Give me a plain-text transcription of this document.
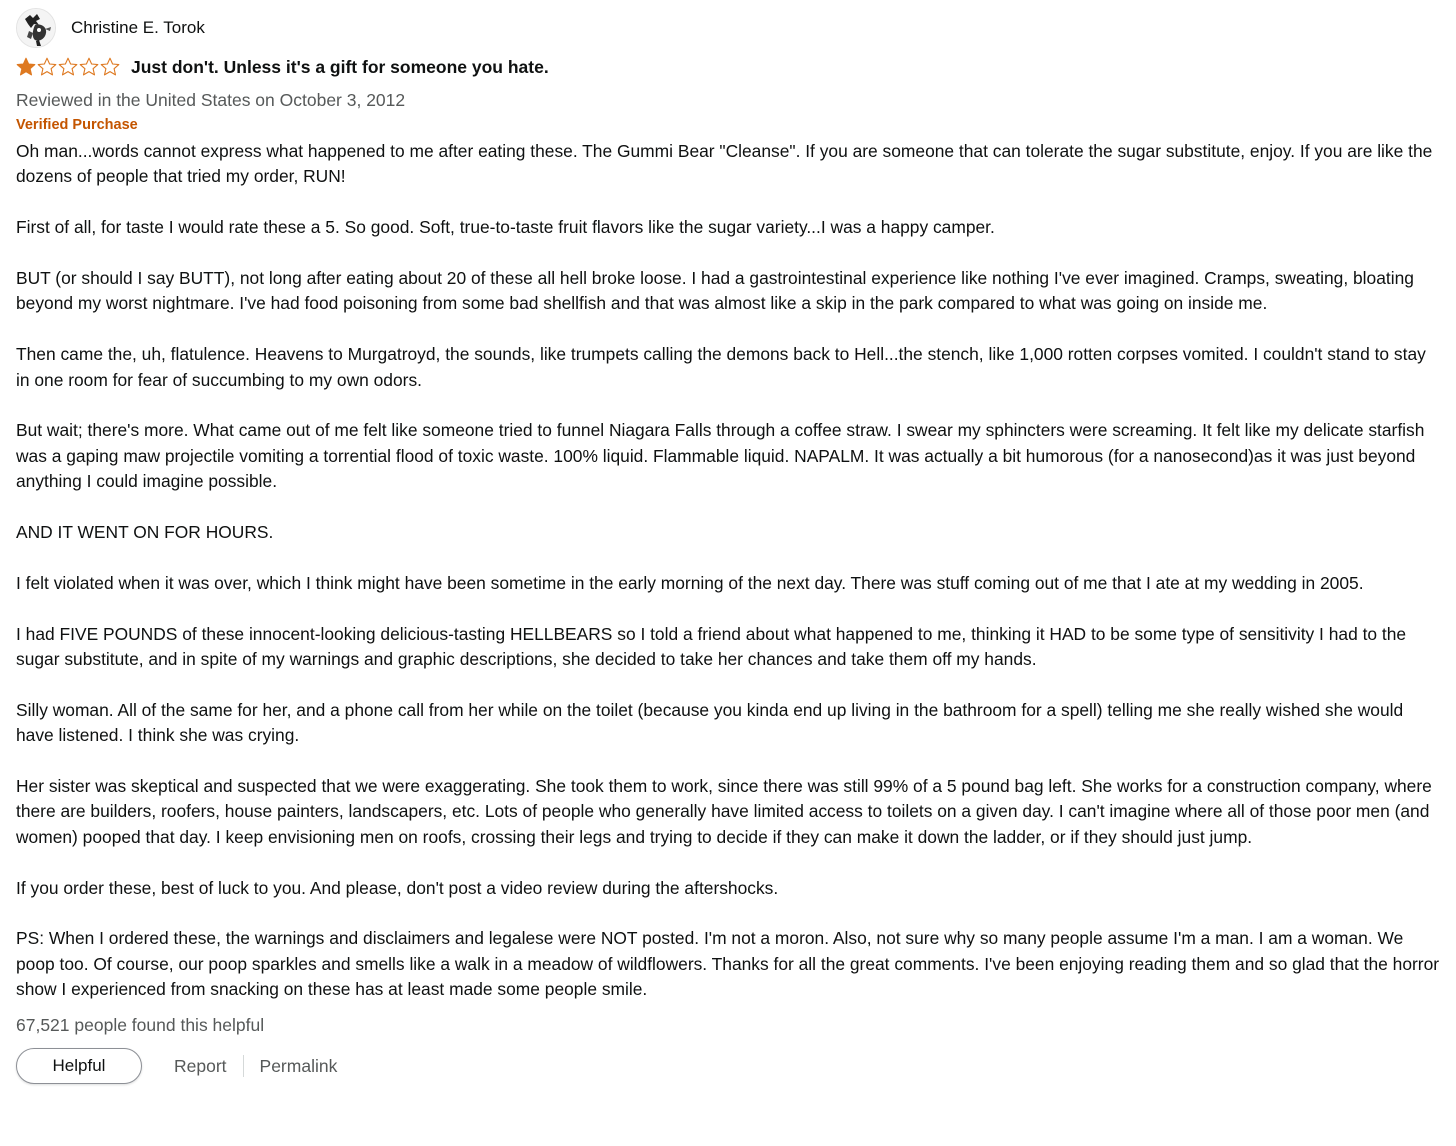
Christine E. Torok
Just don't. Unless it's a gift for someone you hate.
Reviewed in the United States on October 3, 2012
Verified Purchase

Oh man...words cannot express what happened to me after eating these. The Gummi Bear "Cleanse". If you are someone that can tolerate the sugar substitute, enjoy. If you are like the dozens of people that tried my order, RUN!

First of all, for taste I would rate these a 5. So good. Soft, true-to-taste fruit flavors like the sugar variety...I was a happy camper.

BUT (or should I say BUTT), not long after eating about 20 of these all hell broke loose. I had a gastrointestinal experience like nothing I've ever imagined. Cramps, sweating, bloating beyond my worst nightmare. I've had food poisoning from some bad shellfish and that was almost like a skip in the park compared to what was going on inside me.

Then came the, uh, flatulence. Heavens to Murgatroyd, the sounds, like trumpets calling the demons back to Hell...the stench, like 1,000 rotten corpses vomited. I couldn't stand to stay in one room for fear of succumbing to my own odors.

But wait; there's more. What came out of me felt like someone tried to funnel Niagara Falls through a coffee straw. I swear my sphincters were screaming. It felt like my delicate starfish was a gaping maw projectile vomiting a torrential flood of toxic waste. 100% liquid. Flammable liquid. NAPALM. It was actually a bit humorous (for a nanosecond)as it was just beyond anything I could imagine possible.

AND IT WENT ON FOR HOURS.

I felt violated when it was over, which I think might have been sometime in the early morning of the next day. There was stuff coming out of me that I ate at my wedding in 2005.

I had FIVE POUNDS of these innocent-looking delicious-tasting HELLBEARS so I told a friend about what happened to me, thinking it HAD to be some type of sensitivity I had to the sugar substitute, and in spite of my warnings and graphic descriptions, she decided to take her chances and take them off my hands.

Silly woman. All of the same for her, and a phone call from her while on the toilet (because you kinda end up living in the bathroom for a spell) telling me she really wished she would have listened. I think she was crying.

Her sister was skeptical and suspected that we were exaggerating. She took them to work, since there was still 99% of a 5 pound bag left. She works for a construction company, where there are builders, roofers, house painters, landscapers, etc. Lots of people who generally have limited access to toilets on a given day. I can't imagine where all of those poor men (and women) pooped that day. I keep envisioning men on roofs, crossing their legs and trying to decide if they can make it down the ladder, or if they should just jump.

If you order these, best of luck to you. And please, don't post a video review during the aftershocks.

PS: When I ordered these, the warnings and disclaimers and legalese were NOT posted. I'm not a moron. Also, not sure why so many people assume I'm a man. I am a woman. We poop too. Of course, our poop sparkles and smells like a walk in a meadow of wildflowers. Thanks for all the great comments. I've been enjoying reading them and so glad that the horror show I experienced from snacking on these has at least made some people smile.

67,521 people found this helpful
Helpful	Report	Permalink
